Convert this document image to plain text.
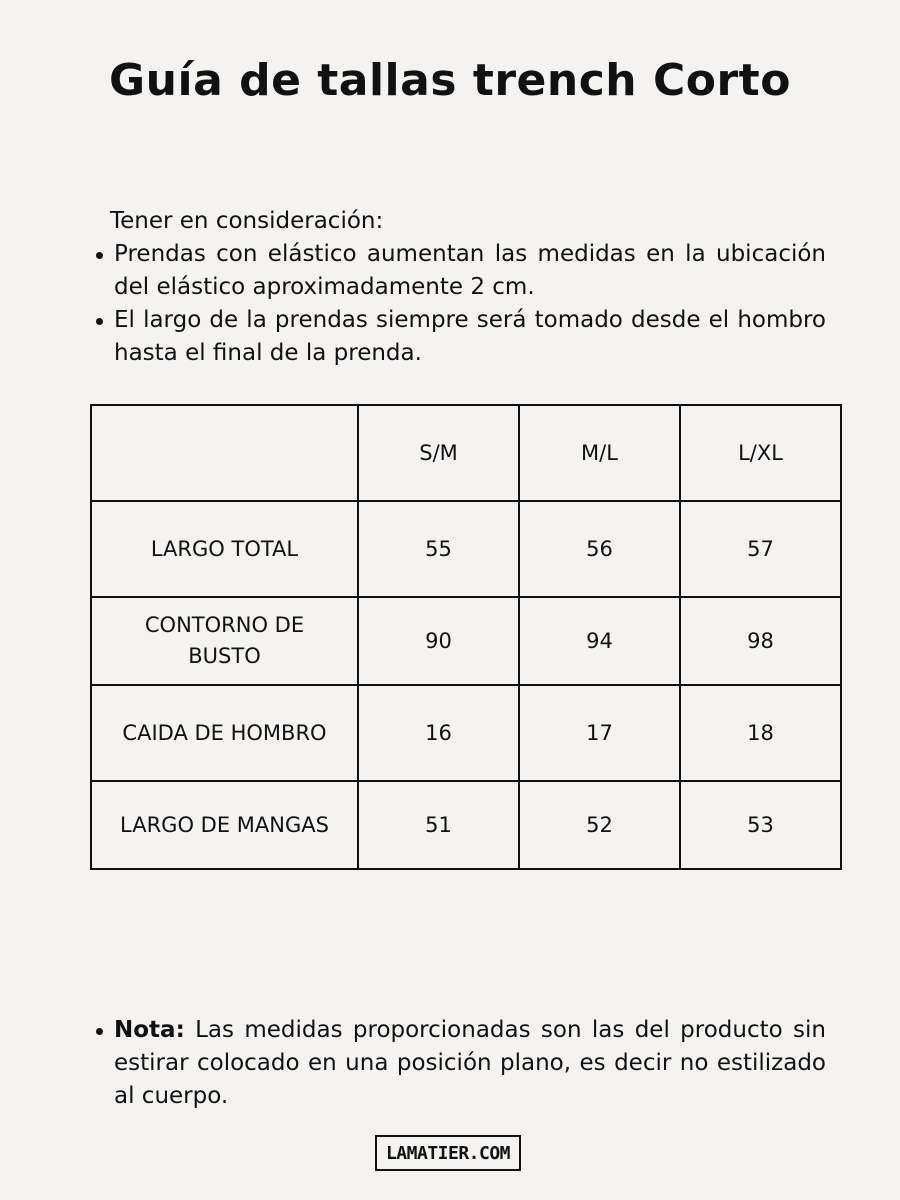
Guía de tallas trench Corto

Tener en consideración:

Prendas con elástico aumentan las medidas en la ubicación del elástico aproximadamente 2 cm.
El largo de la prendas siempre será tomado desde el hombro hasta el final de la prenda.
	S/M	M/L	L/XL
LARGO TOTAL	55	56	57
CONTORNO DE BUSTO	90	94	98
CAIDA DE HOMBRO	16	17	18
LARGO DE MANGAS	51	52	53
Nota: Las medidas proporcionadas son las del producto sin estirar colocado en una posición plano, es decir no estilizado al cuerpo.
LAMATIER.COM
